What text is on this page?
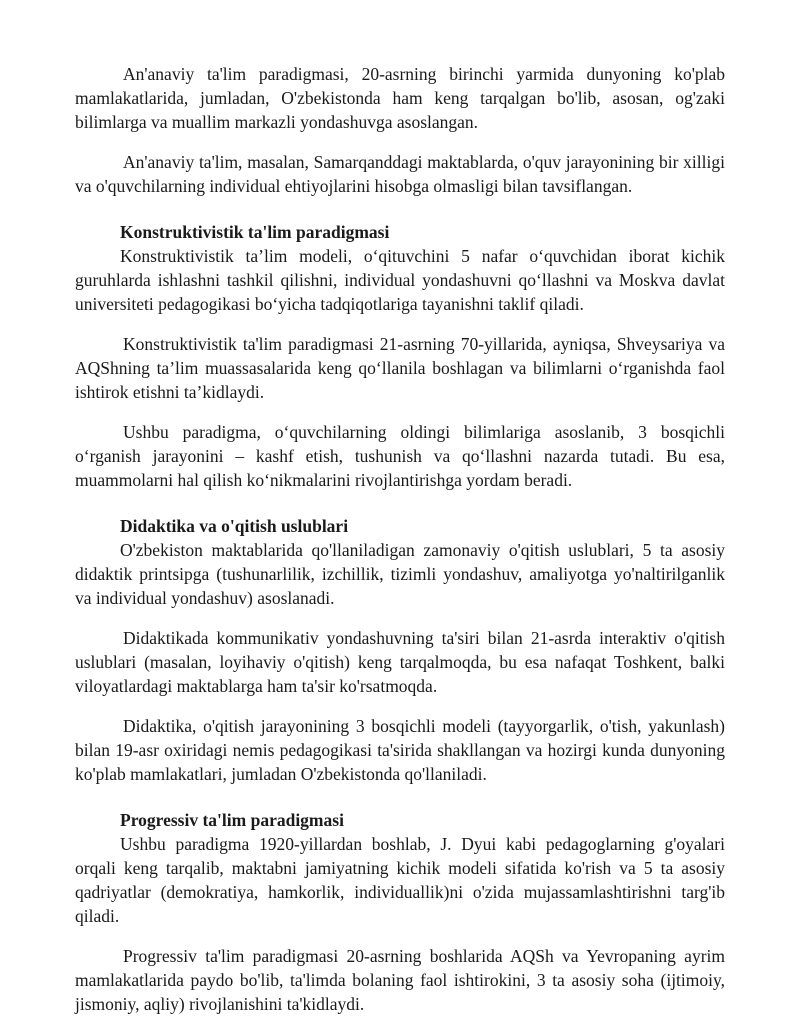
An'anaviy ta'lim paradigmasi, 20-asrning birinchi yarmida dunyoning ko'plab mamlakatlarida, jumladan, O'zbekistonda ham keng tarqalgan bo'lib, asosan, og'zaki bilimlarga va muallim markazli yondashuvga asoslangan.

An'anaviy ta'lim, masalan, Samarqanddagi maktablarda, o'quv jarayonining bir xilligi va o'quvchilarning individual ehtiyojlarini hisobga olmasligi bilan tavsiflangan.

Konstruktivistik ta'lim paradigmasi

Konstruktivistik ta’lim modeli, o‘qituvchini 5 nafar o‘quvchidan iborat kichik guruhlarda ishlashni tashkil qilishni, individual yondashuvni qo‘llashni va Moskva davlat universiteti pedagogikasi bo‘yicha tadqiqotlariga tayanishni taklif qiladi.

Konstruktivistik ta'lim paradigmasi 21-asrning 70-yillarida, ayniqsa, Shveysariya va AQShning ta’lim muassasalarida keng qo‘llanila boshlagan va bilimlarni o‘rganishda faol ishtirok etishni ta’kidlaydi.

Ushbu paradigma, o‘quvchilarning oldingi bilimlariga asoslanib, 3 bosqichli o‘rganish jarayonini – kashf etish, tushunish va qo‘llashni nazarda tutadi. Bu esa, muammolarni hal qilish ko‘nikmalarini rivojlantirishga yordam beradi.

Didaktika va o'qitish uslublari

O'zbekiston maktablarida qo'llaniladigan zamonaviy o'qitish uslublari, 5 ta asosiy didaktik printsipga (tushunarlilik, izchillik, tizimli yondashuv, amaliyotga yo'naltirilganlik va individual yondashuv) asoslanadi.

Didaktikada kommunikativ yondashuvning ta'siri bilan 21-asrda interaktiv o'qitish uslublari (masalan, loyihaviy o'qitish) keng tarqalmoqda, bu esa nafaqat Toshkent, balki viloyatlardagi maktablarga ham ta'sir ko'rsatmoqda.

Didaktika, o'qitish jarayonining 3 bosqichli modeli (tayyorgarlik, o'tish, yakunlash) bilan 19-asr oxiridagi nemis pedagogikasi ta'sirida shakllangan va hozirgi kunda dunyoning ko'plab mamlakatlari, jumladan O'zbekistonda qo'llaniladi.

Progressiv ta'lim paradigmasi

Ushbu paradigma 1920-yillardan boshlab, J. Dyui kabi pedagoglarning g'oyalari orqali keng tarqalib, maktabni jamiyatning kichik modeli sifatida ko'rish va 5 ta asosiy qadriyatlar (demokratiya, hamkorlik, individuallik)ni o'zida mujassamlashtirishni targ'ib qiladi.

Progressiv ta'lim paradigmasi 20-asrning boshlarida AQSh va Yevropaning ayrim mamlakatlarida paydo bo'lib, ta'limda bolaning faol ishtirokini, 3 ta asosiy soha (ijtimoiy, jismoniy, aqliy) rivojlanishini ta'kidlaydi.
